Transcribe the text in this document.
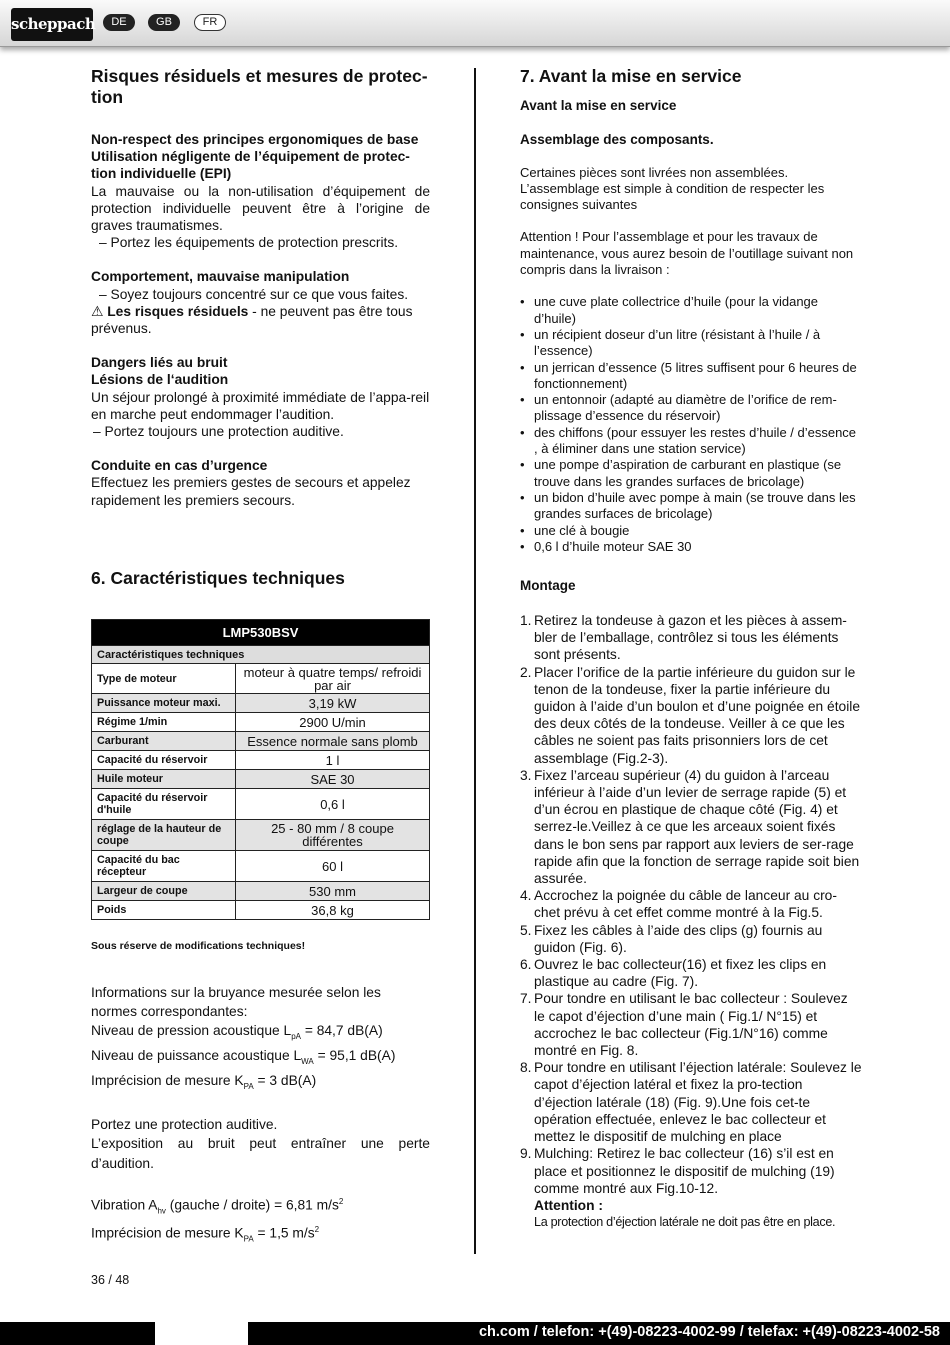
scheppach	DE	GB	FR
Risques résiduels et mesures de protec-tion

Non-respect des principes ergonomiques de base

Utilisation négligente de l’équipement de protec-tion individuelle (EPI)

La mauvaise ou la non-utilisation d’équipement de protection individuelle peuvent être à l’origine de graves traumatismes.

– Portez les équipements de protection prescrits.

Comportement, mauvaise manipulation

– Soyez toujours concentré sur ce que vous faites.

⚠ Les risques résiduels - ne peuvent pas être tous prévenus.

Dangers liés au bruit

Lésions de l‘audition

Un séjour prolongé à proximité immédiate de l’appa-reil en marche peut endommager l’audition.

– Portez toujours une protection auditive.

Conduite en cas d’urgence

Effectuez les premiers gestes de secours et appelez rapidement les premiers secours.

6. Caractéristiques techniques
LMP530BSV	
Caractéristiques techniques	
Type de moteur	moteur à quatre temps/ refroidi par air
Puissance moteur maxi.	3,19 kW
Régime 1/min	2900 U/min
Carburant	Essence normale sans plomb
Capacité du réservoir	1 l
Huile moteur	SAE 30
Capacité du réservoir d'huile	0,6 l
réglage de la hauteur de coupe	25 - 80 mm / 8 coupe différentes
Capacité du bac récepteur	60 l
Largeur de coupe	530 mm
Poids	36,8 kg

Sous réserve de modifications techniques!

Informations sur la bruyance mesurée selon les normes correspondantes:

Niveau de pression acoustique $L_{pA} = 84,7$ dB(A)

Niveau de puissance acoustique $L_{WA} = 95,1$ dB(A)

Imprécision de mesure $K_{PA} = 3$ dB(A)

Portez une protection auditive.

L’exposition au bruit peut entraîner une perte d’audition.

Vibration $A_{hv}$ (gauche / droite) = 6,81 $m/s^2$

Imprécision de mesure $K_{PA} = 1,5$ $m/s^2$

7. Avant la mise en service

Avant la mise en service

Assemblage des composants.

Certaines pièces sont livrées non assemblées. L’assemblage est simple à condition de respecter les consignes suivantes

Attention ! Pour l’assemblage et pour les travaux de maintenance, vous aurez besoin de l’outillage suivant non compris dans la livraison :

• une cuve plate collectrice d’huile (pour la vidange d’huile)
• un récipient doseur d’un litre (résistant à l’huile / à l’essence)
• un jerrican d’essence (5 litres suffisent pour 6 heures de fonctionnement)
• un entonnoir (adapté au diamètre de l’orifice de rem-plissage d’essence du réservoir)
• des chiffons (pour essuyer les restes d’huile / d’essence , à éliminer dans une station service)
• une pompe d’aspiration de carburant en plastique (se trouve dans les grandes surfaces de bricolage)
• un bidon d’huile avec pompe à main (se trouve dans les grandes surfaces de bricolage)
• une clé à bougie
• 0,6 l d’huile moteur SAE 30

Montage

1. Retirez la tondeuse à gazon et les pièces à assem-bler de l’emballage, contrôlez si tous les éléments sont présents.
2. Placer l’orifice de la partie inférieure du guidon sur le tenon de la tondeuse, fixer la partie inférieure du guidon à l’aide d’un boulon et d’une poignée en étoile des deux côtés de la tondeuse. Veiller à ce que les câbles ne soient pas faits prisonniers lors de cet assemblage (Fig.2-3).
3. Fixez l’arceau supérieur (4) du guidon à l’arceau inférieur à l’aide d’un levier de serrage rapide (5) et d’un écrou en plastique de chaque côté (Fig. 4) et serrez-le.Veillez à ce que les arceaux soient fixés dans le bon sens par rapport aux leviers de ser-rage rapide afin que la fonction de serrage rapide soit bien assurée.
4. Accrochez la poignée du câble de lanceur au cro-chet prévu à cet effet comme montré à la Fig.5.
5. Fixez les câbles à l’aide des clips (g) fournis au guidon (Fig. 6).
6. Ouvrez le bac collecteur(16) et fixez les clips en plastique au cadre (Fig. 7).
7. Pour tondre en utilisant le bac collecteur : Soulevez le capot d’éjection d’une main ( Fig.1/ N°15) et accrochez le bac collecteur (Fig.1/N°16) comme montré en Fig. 8.
8. Pour tondre en utilisant l’éjection latérale: Soulevez le capot d’éjection latéral et fixez la pro-tection d’éjection latérale (18) (Fig. 9).Une fois cet-te opération effectuée, enlevez le bac collecteur et mettez le dispositif de mulching en place
9. Mulching: Retirez le bac collecteur (16) s’il est en place et positionnez le dispositif de mulching (19) comme montré aux Fig.10-12.

Attention :

La protection d’éjection latérale ne doit pas être en place.

36 / 48
ch.com / telefon: +(49)-08223-4002-99 / telefax: +(49)-08223-4002-58
